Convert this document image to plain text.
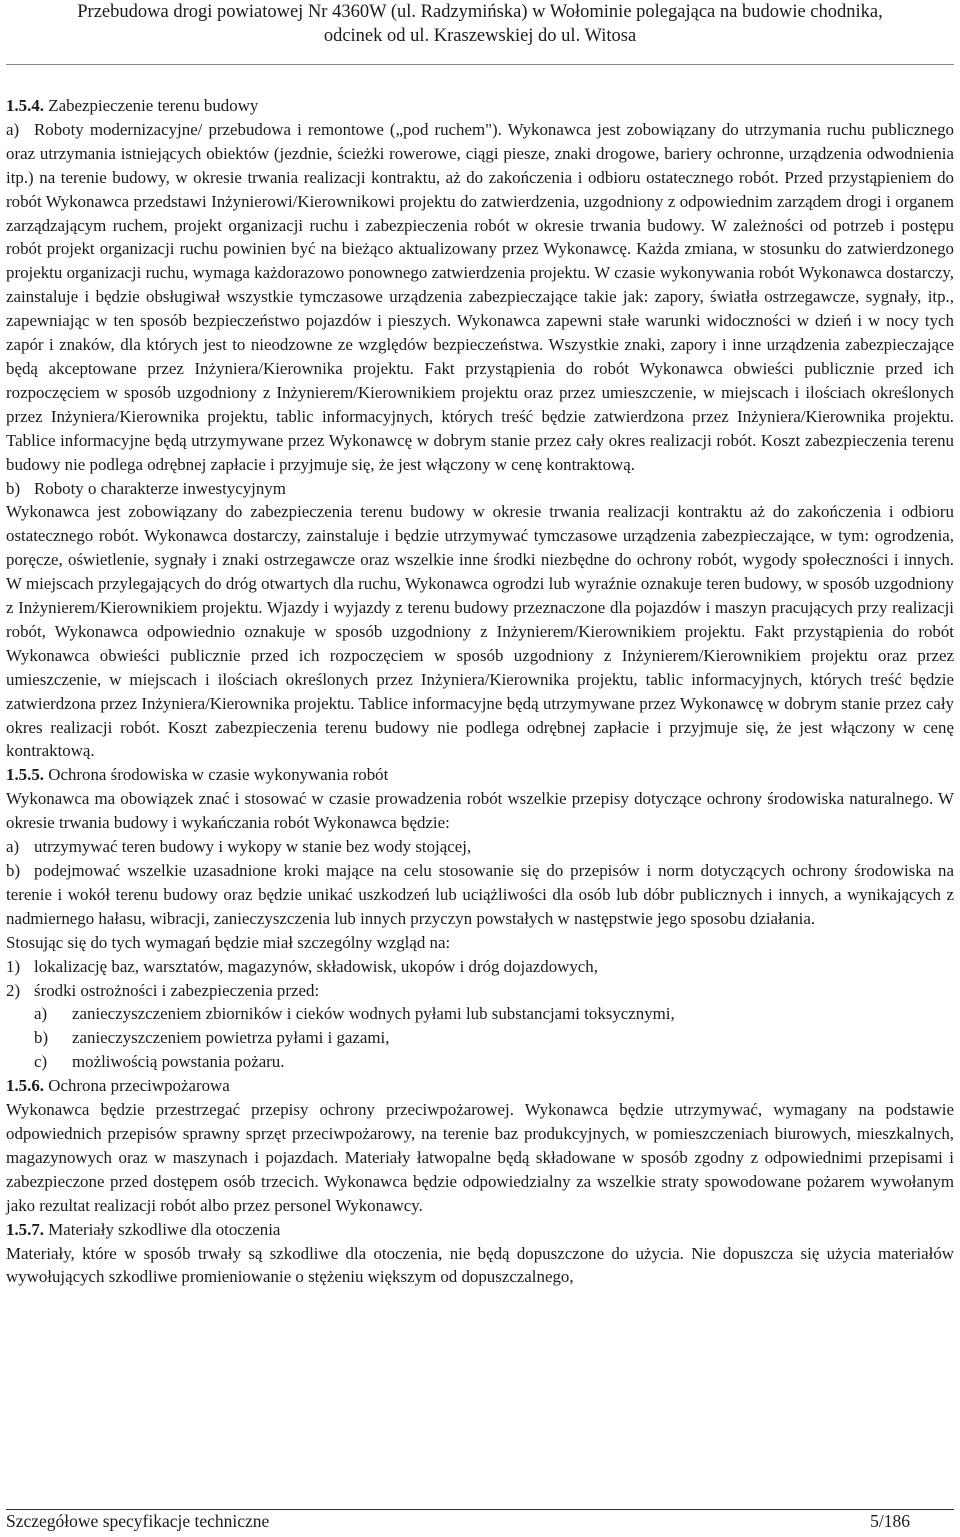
Przebudowa drogi powiatowej Nr 4360W (ul. Radzymińska) w Wołominie polegająca na budowie chodnika,
odcinek od ul. Kraszewskiej do ul. Witosa

1.5.4. Zabezpieczenie terenu budowy

a) Roboty modernizacyjne/ przebudowa i remontowe („pod ruchem"). Wykonawca jest zobowiązany do utrzymania ruchu publicznego oraz utrzymania istniejących obiektów (jezdnie, ścieżki rowerowe, ciągi piesze, znaki drogowe, bariery ochronne, urządzenia odwodnienia itp.) na terenie budowy, w okresie trwania realizacji kontraktu, aż do zakończenia i odbioru ostatecznego robót. Przed przystąpieniem do robót Wykonawca przedstawi Inżynierowi/Kierownikowi projektu do zatwierdzenia, uzgodniony z odpowiednim zarządem drogi i organem zarządzającym ruchem, projekt organizacji ruchu i zabezpieczenia robót w okresie trwania budowy. W zależności od potrzeb i postępu robót projekt organizacji ruchu powinien być na bieżąco aktualizowany przez Wykonawcę. Każda zmiana, w stosunku do zatwierdzonego projektu organizacji ruchu, wymaga każdorazowo ponownego zatwierdzenia projektu. W czasie wykonywania robót Wykonawca dostarczy, zainstaluje i będzie obsługiwał wszystkie tymczasowe urządzenia zabezpieczające takie jak: zapory, światła ostrzegawcze, sygnały, itp., zapewniając w ten sposób bezpieczeństwo pojazdów i pieszych. Wykonawca zapewni stałe warunki widoczności w dzień i w nocy tych zapór i znaków, dla których jest to nieodzowne ze względów bezpieczeństwa. Wszystkie znaki, zapory i inne urządzenia zabezpieczające będą akceptowane przez Inżyniera/Kierownika projektu. Fakt przystąpienia do robót Wykonawca obwieści publicznie przed ich rozpoczęciem w sposób uzgodniony z Inżynierem/Kierownikiem projektu oraz przez umieszczenie, w miejscach i ilościach określonych przez Inżyniera/Kierownika projektu, tablic informacyjnych, których treść będzie zatwierdzona przez Inżyniera/Kierownika projektu. Tablice informacyjne będą utrzymywane przez Wykonawcę w dobrym stanie przez cały okres realizacji robót. Koszt zabezpieczenia terenu budowy nie podlega odrębnej zapłacie i przyjmuje się, że jest włączony w cenę kontraktową.

b) Roboty o charakterze inwestycyjnym

Wykonawca jest zobowiązany do zabezpieczenia terenu budowy w okresie trwania realizacji kontraktu aż do zakończenia i odbioru ostatecznego robót. Wykonawca dostarczy, zainstaluje i będzie utrzymywać tymczasowe urządzenia zabezpieczające, w tym: ogrodzenia, poręcze, oświetlenie, sygnały i znaki ostrzegawcze oraz wszelkie inne środki niezbędne do ochrony robót, wygody społeczności i innych. W miejscach przylegających do dróg otwartych dla ruchu, Wykonawca ogrodzi lub wyraźnie oznakuje teren budowy, w sposób uzgodniony z Inżynierem/Kierownikiem projektu. Wjazdy i wyjazdy z terenu budowy przeznaczone dla pojazdów i maszyn pracujących przy realizacji robót, Wykonawca odpowiednio oznakuje w sposób uzgodniony z Inżynierem/Kierownikiem projektu. Fakt przystąpienia do robót Wykonawca obwieści publicznie przed ich rozpoczęciem w sposób uzgodniony z Inżynierem/Kierownikiem projektu oraz przez umieszczenie, w miejscach i ilościach określonych przez Inżyniera/Kierownika projektu, tablic informacyjnych, których treść będzie zatwierdzona przez Inżyniera/Kierownika projektu. Tablice informacyjne będą utrzymywane przez Wykonawcę w dobrym stanie przez cały okres realizacji robót. Koszt zabezpieczenia terenu budowy nie podlega odrębnej zapłacie i przyjmuje się, że jest włączony w cenę kontraktową.

1.5.5. Ochrona środowiska w czasie wykonywania robót

Wykonawca ma obowiązek znać i stosować w czasie prowadzenia robót wszelkie przepisy dotyczące ochrony środowiska naturalnego. W okresie trwania budowy i wykańczania robót Wykonawca będzie:

a) utrzymywać teren budowy i wykopy w stanie bez wody stojącej,

b) podejmować wszelkie uzasadnione kroki mające na celu stosowanie się do przepisów i norm dotyczących ochrony środowiska na terenie i wokół terenu budowy oraz będzie unikać uszkodzeń lub uciążliwości dla osób lub dóbr publicznych i innych, a wynikających z nadmiernego hałasu, wibracji, zanieczyszczenia lub innych przyczyn powstałych w następstwie jego sposobu działania.

Stosując się do tych wymagań będzie miał szczególny wzgląd na:

1) lokalizację baz, warsztatów, magazynów, składowisk, ukopów i dróg dojazdowych,

2) środki ostrożności i zabezpieczenia przed:

a) zanieczyszczeniem zbiorników i cieków wodnych pyłami lub substancjami toksycznymi,

b) zanieczyszczeniem powietrza pyłami i gazami,

c) możliwością powstania pożaru.

1.5.6. Ochrona przeciwpożarowa

Wykonawca będzie przestrzegać przepisy ochrony przeciwpożarowej. Wykonawca będzie utrzymywać, wymagany na podstawie odpowiednich przepisów sprawny sprzęt przeciwpożarowy, na terenie baz produkcyjnych, w pomieszczeniach biurowych, mieszkalnych, magazynowych oraz w maszynach i pojazdach. Materiały łatwopalne będą składowane w sposób zgodny z odpowiednimi przepisami i zabezpieczone przed dostępem osób trzecich. Wykonawca będzie odpowiedzialny za wszelkie straty spowodowane pożarem wywołanym jako rezultat realizacji robót albo przez personel Wykonawcy.

1.5.7. Materiały szkodliwe dla otoczenia

Materiały, które w sposób trwały są szkodliwe dla otoczenia, nie będą dopuszczone do użycia. Nie dopuszcza się użycia materiałów wywołujących szkodliwe promieniowanie o stężeniu większym od dopuszczalnego,

Szczegółowe specyfikacje techniczne	5/186
